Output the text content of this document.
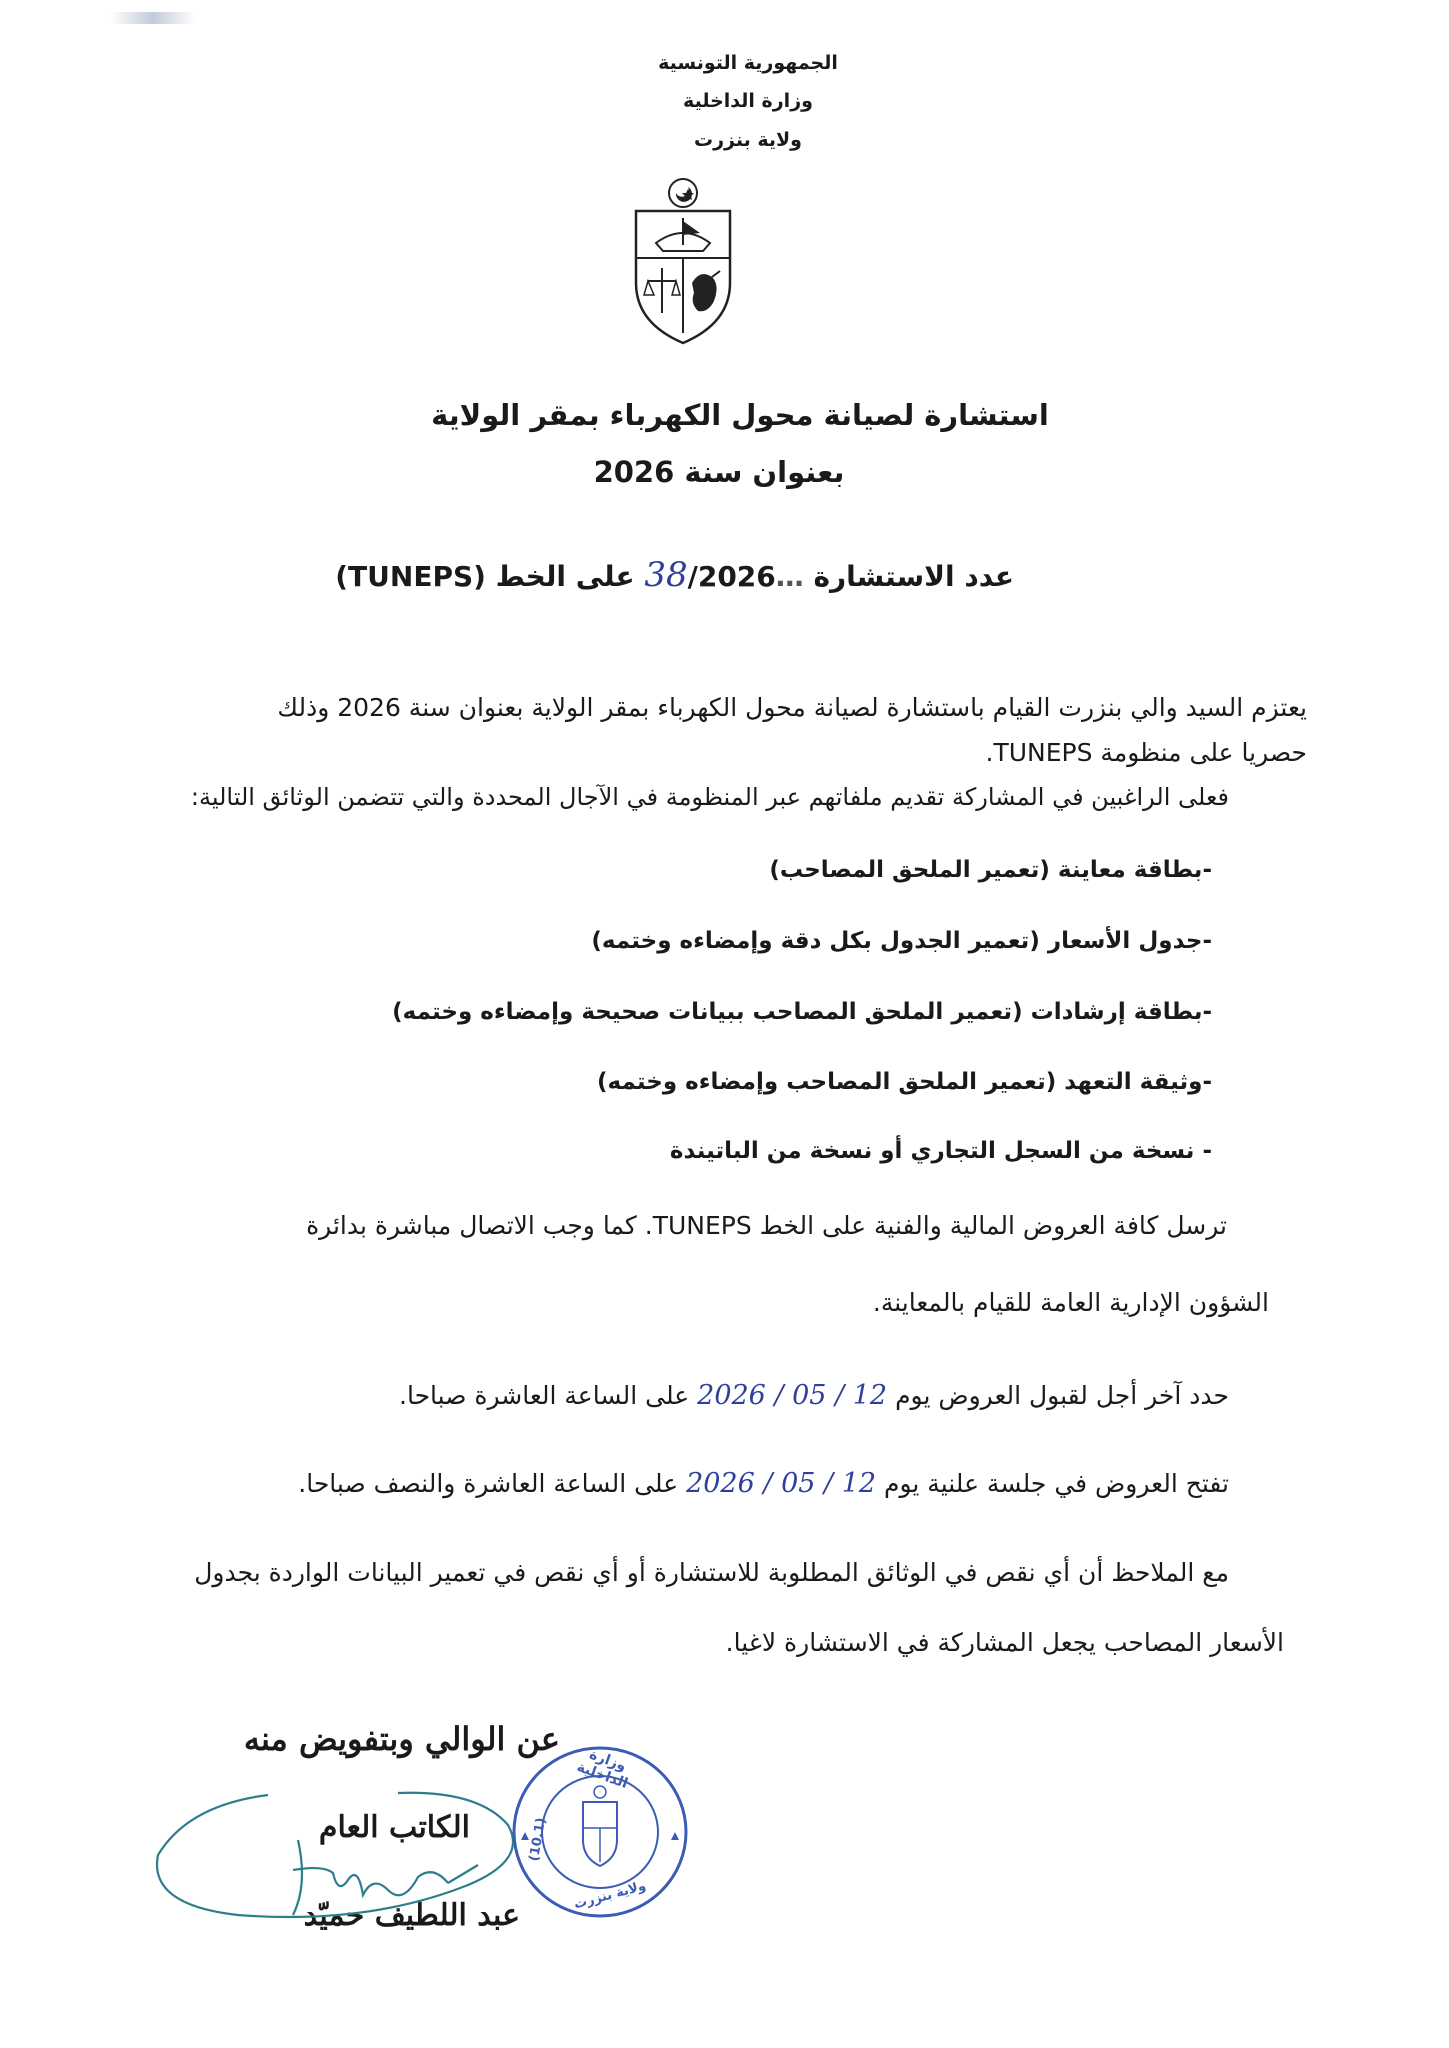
الجمهورية التونسية
وزارة الداخلية
ولاية بنزرت
استشارة لصيانة محول الكهرباء بمقر الولاية
بعنوان سنة 2026
عدد الاستشارة …38/2026 على الخط (TUNEPS)
يعتزم السيد والي بنزرت القيام باستشارة لصيانة محول الكهرباء بمقر الولاية بعنوان سنة 2026 وذلك
حصريا على منظومة TUNEPS.
فعلى الراغبين في المشاركة تقديم ملفاتهم عبر المنظومة في الآجال المحددة والتي تتضمن الوثائق التالية:
-بطاقة معاينة (تعمير الملحق المصاحب)
-جدول الأسعار (تعمير الجدول بكل دقة وإمضاءه وختمه)
-بطاقة إرشادات (تعمير الملحق المصاحب ببيانات صحيحة وإمضاءه وختمه)
-وثيقة التعهد (تعمير الملحق المصاحب وإمضاءه وختمه)
- نسخة من السجل التجاري أو نسخة من الباتيندة
ترسل كافة العروض المالية والفنية على الخط TUNEPS. كما وجب الاتصال مباشرة بدائرة
الشؤون الإدارية العامة للقيام بالمعاينة.
حدد آخر أجل لقبول العروض يوم 12 / 05 / 2026 على الساعة العاشرة صباحا.
تفتح العروض في جلسة علنية يوم 12 / 05 / 2026 على الساعة العاشرة والنصف صباحا.
مع الملاحظ أن أي نقص في الوثائق المطلوبة للاستشارة أو أي نقص في تعمير البيانات الواردة بجدول
الأسعار المصاحب يجعل المشاركة في الاستشارة لاغيا.
عن الوالي وبتفويض منه
الكاتب العام
عبد اللطيف حميّد
وزارة الداخلية
ولاية بنزرت
(10.1)
